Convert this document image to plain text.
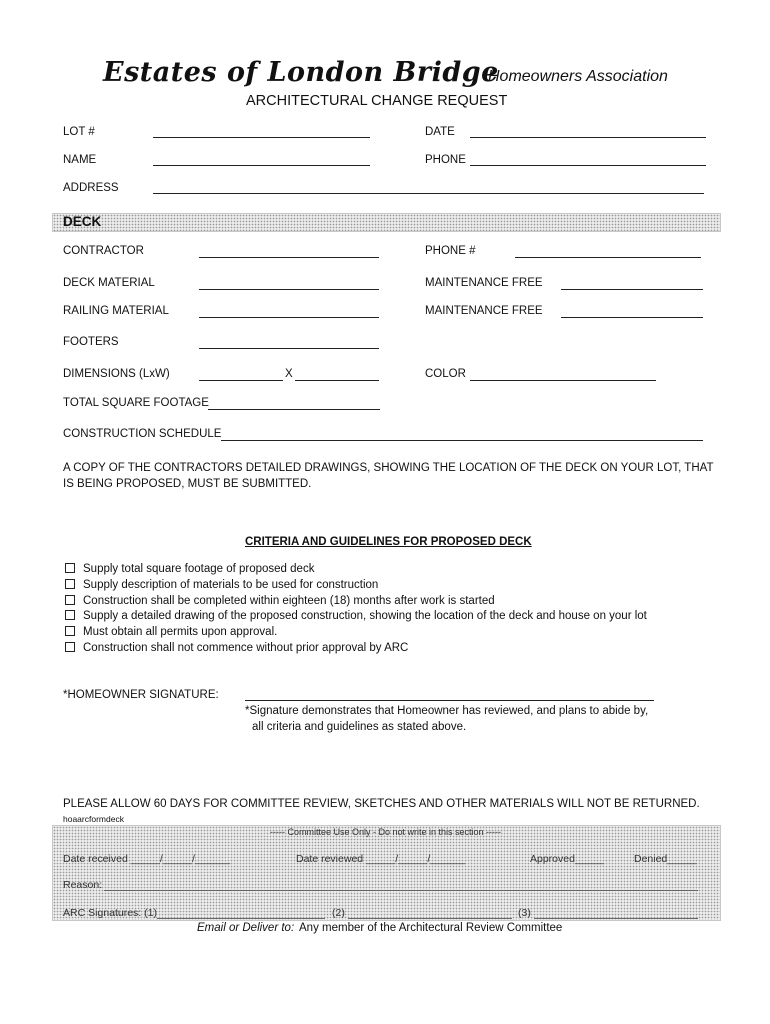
Estates of London Bridge
Homeowners Association
ARCHITECTURAL CHANGE REQUEST
LOT #	DATE
NAME	PHONE
ADDRESS
DECK
CONTRACTOR	PHONE #
DECK MATERIAL	MAINTENANCE FREE
RAILING MATERIAL	MAINTENANCE FREE
FOOTERS
DIMENSIONS (LxW)	X	COLOR
TOTAL SQUARE FOOTAGE
CONSTRUCTION SCHEDULE
A COPY OF THE CONTRACTORS DETAILED DRAWINGS, SHOWING THE LOCATION OF THE DECK ON YOUR LOT, THAT
IS BEING PROPOSED, MUST BE SUBMITTED.
CRITERIA AND GUIDELINES FOR PROPOSED DECK
Supply total square footage of proposed deck
Supply description of materials to be used for construction
Construction shall be completed within eighteen (18) months after work is started
Supply a detailed drawing of the proposed construction, showing the location of the deck and house on your lot
Must obtain all permits upon approval.
Construction shall not commence without prior approval by ARC
*HOMEOWNER SIGNATURE:
*Signature demonstrates that Homeowner has reviewed, and plans to abide by,
all criteria and guidelines as stated above.
PLEASE ALLOW 60 DAYS FOR COMMITTEE REVIEW, SKETCHES AND OTHER MATERIALS WILL NOT BE RETURNED.
hoaarcformdeck
----- Committee Use Only - Do not write in this section -----
Date received _____/_____/______	Date reviewed _____/_____/______	Approved_____	Denied_____
Reason:
ARC Signatures: (1)	(2)	(3)
Email or Deliver to: Any member of the Architectural Review Committee
